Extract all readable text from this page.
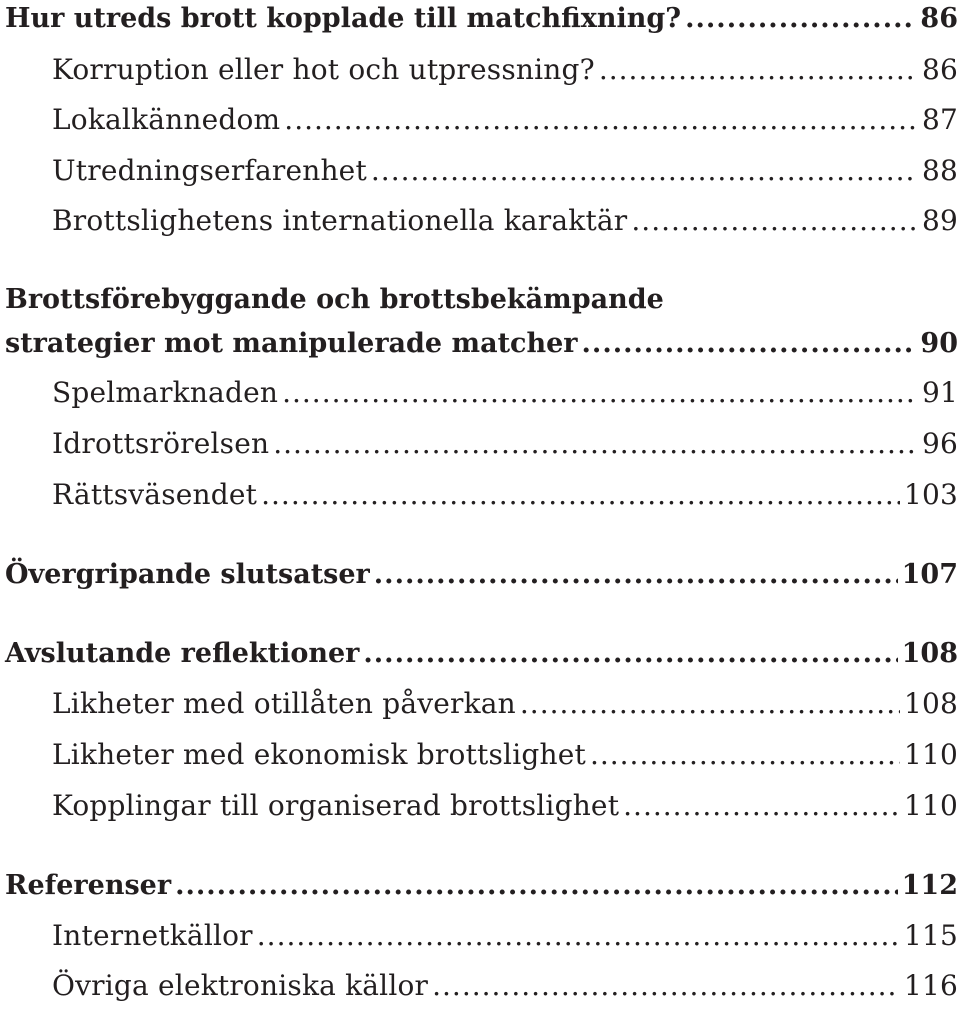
Hur utreds brott kopplade till matchfixning? .....	86
Korruption eller hot och utpressning? .....	86
Lokalkännedom .....	87
Utredningserfarenhet .....	88
Brottslighetens internationella karaktär .....	89
Brottsförebyggande och brottsbekämpande
strategier mot manipulerade matcher .....	90
Spelmarknaden .....	91
Idrottsrörelsen .....	96
Rättsväsendet .....	103
Övergripande slutsatser .....	107
Avslutande reflektioner .....	108
Likheter med otillåten påverkan .....	108
Likheter med ekonomisk brottslighet .....	110
Kopplingar till organiserad brottslighet .....	110
Referenser .....	112
Internetkällor .....	115
Övriga elektroniska källor .....	116
